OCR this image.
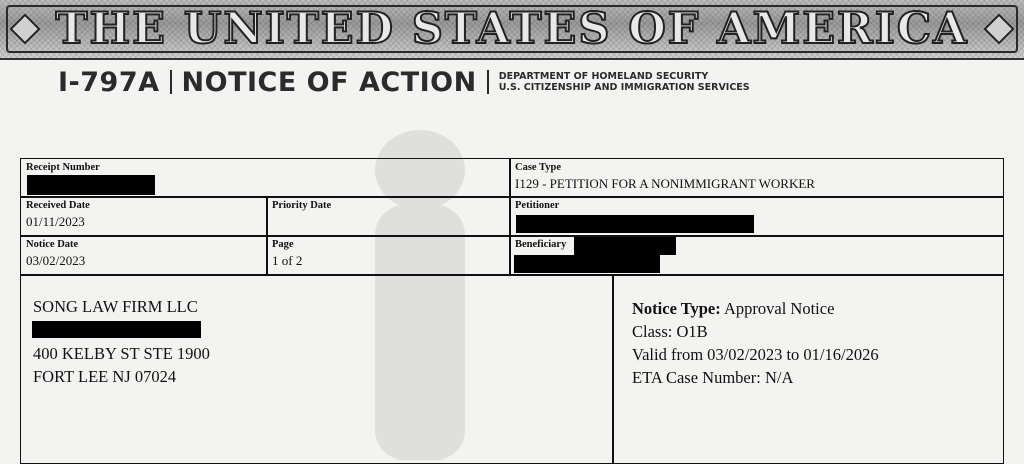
THE UNITED STATES OF AMERICA
I-797A NOTICE OF ACTION DEPARTMENT OF HOMELAND SECURITY
U.S. CITIZENSHIP AND IMMIGRATION SERVICES
Receipt Number	Case Type
I129 - PETITION FOR A NONIMMIGRANT WORKER
Received Date
01/11/2023
Priority Date	Petitioner
Notice Date
03/02/2023
Page
1 of 2
Beneficiary
SONG LAW FIRM LLC
400 KELBY ST STE 1900
FORT LEE NJ 07024
Notice Type: Approval Notice
Class: O1B
Valid from 03/02/2023 to 01/16/2026
ETA Case Number: N/A
